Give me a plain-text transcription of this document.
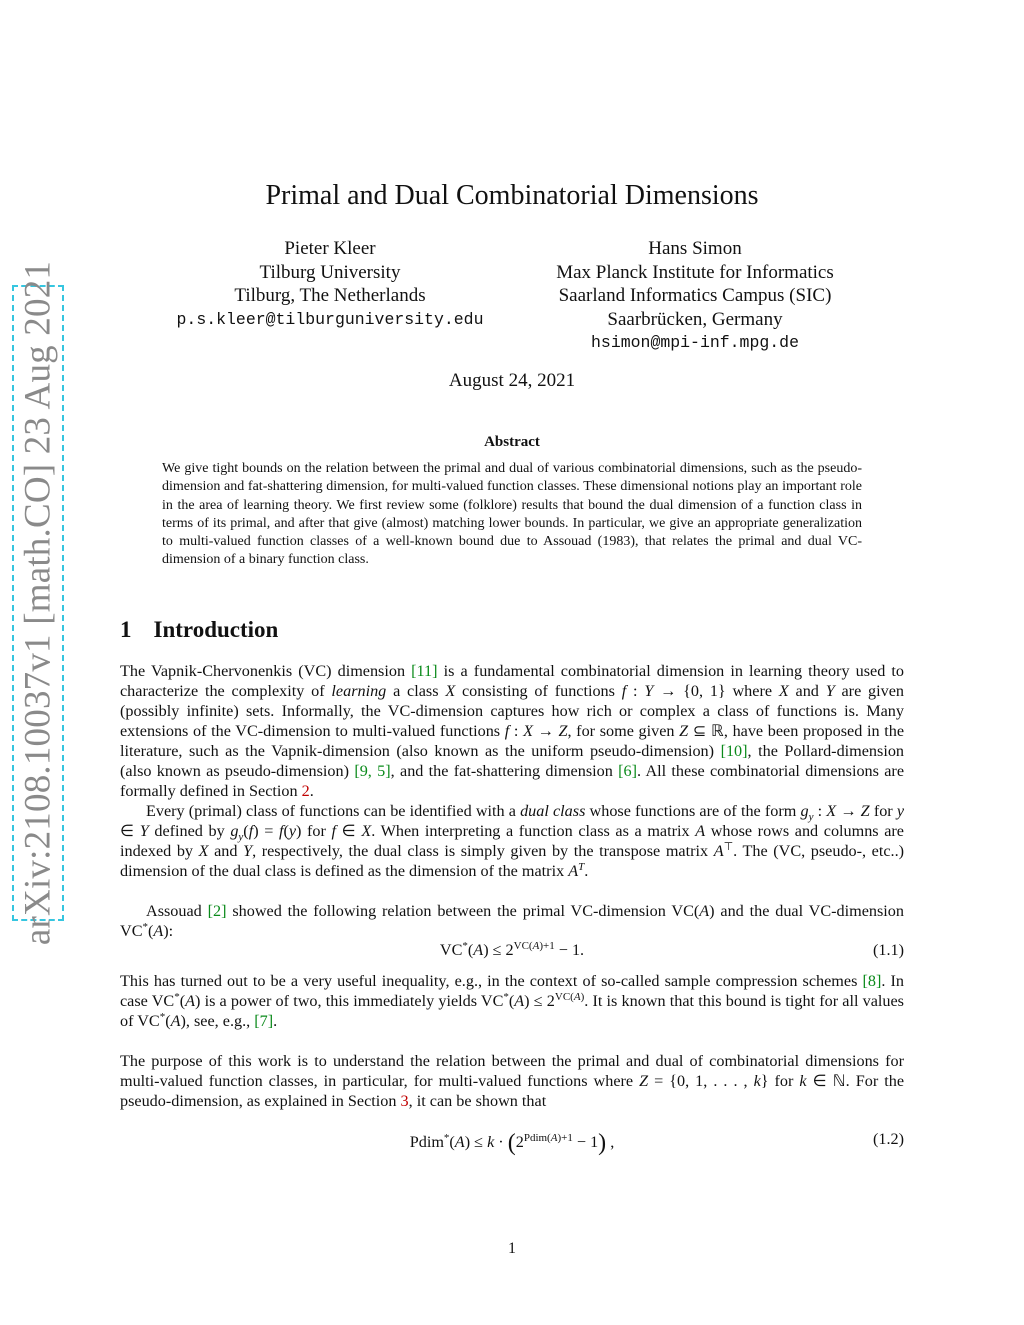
arXiv:2108.10037v1 [math.CO] 23 Aug 2021
Primal and Dual Combinatorial Dimensions
Pieter Kleer
Tilburg University
Tilburg, The Netherlands
p.s.kleer@tilburguniversity.edu
Hans Simon
Max Planck Institute for Informatics
Saarland Informatics Campus (SIC)
Saarbrücken, Germany
hsimon@mpi-inf.mpg.de
August 24, 2021
Abstract

We give tight bounds on the relation between the primal and dual of various combinatorial dimensions, such as the pseudo-dimension and fat-shattering dimension, for multi-valued function classes. These dimensional notions play an important role in the area of learning theory. We first review some (folklore) results that bound the dual dimension of a function class in terms of its primal, and after that give (almost) matching lower bounds. In particular, we give an appropriate generalization to multi-valued function classes of a well-known bound due to Assouad (1983), that relates the primal and dual VC-dimension of a binary function class.

1 Introduction

The Vapnik-Chervonenkis (VC) dimension [11] is a fundamental combinatorial dimension in learning theory used to characterize the complexity of learning a class X consisting of functions f : Y → {0, 1} where X and Y are given (possibly infinite) sets. Informally, the VC-dimension captures how rich or complex a class of functions is. Many extensions of the VC-dimension to multi-valued functions f : X → Z, for some given Z ⊆ ℝ, have been proposed in the literature, such as the Vapnik-dimension (also known as the uniform pseudo-dimension) [10], the Pollard-dimension (also known as pseudo-dimension) [9, 5], and the fat-shattering dimension [6]. All these combinatorial dimensions are formally defined in Section 2.

Every (primal) class of functions can be identified with a dual class whose functions are of the form $g_y$ : X → Z for y ∈ Y defined by $g_y(f) = f(y)$ for f ∈ X. When interpreting a function class as a matrix A whose rows and columns are indexed by X and Y, respectively, the dual class is simply given by the transpose matrix A⊤. The (VC, pseudo-, etc..) dimension of the dual class is defined as the dimension of the matrix $A^T$.

Assouad [2] showed the following relation between the primal VC-dimension VC(A) and the dual VC-dimension VC*(A):

$VC^*(A) \le 2^{VC(A)+1} - 1$.	(1.1)

This has turned out to be a very useful inequality, e.g., in the context of so-called sample compression schemes [8]. In case VC*(A) is a power of two, this immediately yields $VC^*(A) \le 2^{VC(A)}$. It is known that this bound is tight for all values of VC*(A), see, e.g., [7].

The purpose of this work is to understand the relation between the primal and dual of combinatorial dimensions for multi-valued function classes, in particular, for multi-valued functions where Z = {0, 1, . . . , k} for k ∈ ℕ. For the pseudo-dimension, as explained in Section 3, it can be shown that

Pdim*(A) ≤ $k \cdot (2^{Pdim(A)+1} - 1)$ ,	(1.2)
1
